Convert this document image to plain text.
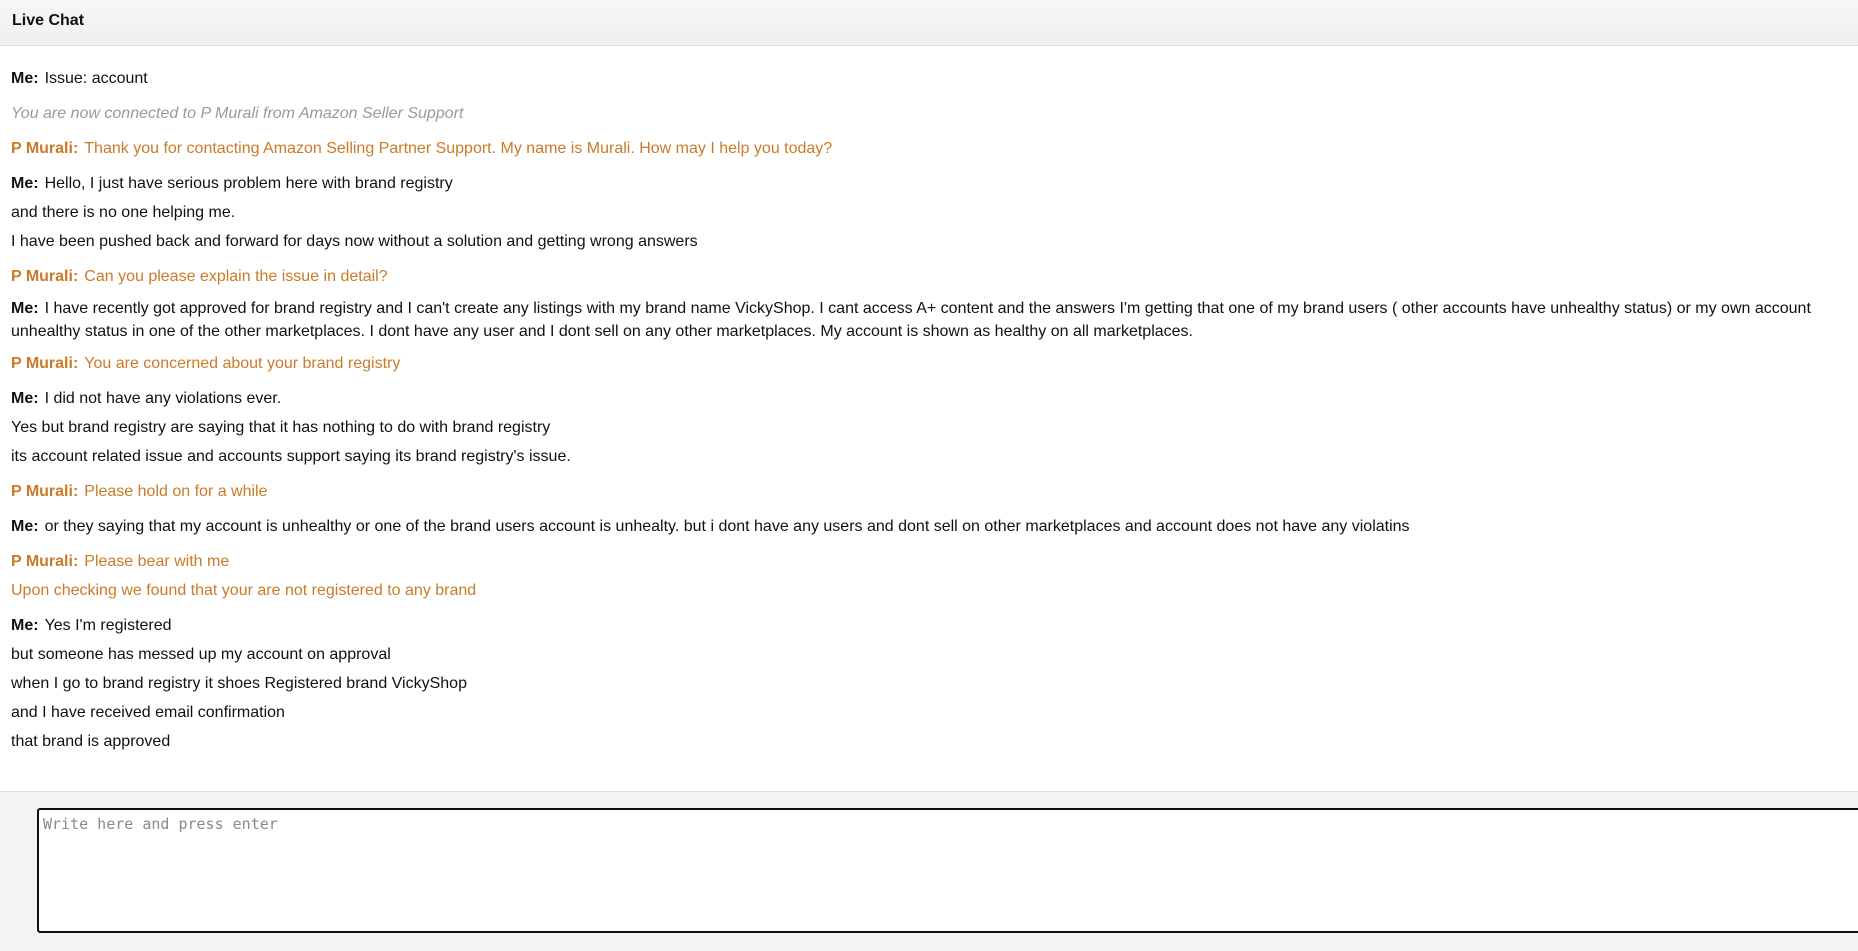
Live Chat
Me: Issue: account
You are now connected to P Murali from Amazon Seller Support
P Murali: Thank you for contacting Amazon Selling Partner Support. My name is Murali. How may I help you today?
Me: Hello, I just have serious problem here with brand registry
and there is no one helping me.
I have been pushed back and forward for days now without a solution and getting wrong answers
P Murali: Can you please explain the issue in detail?
Me: I have recently got approved for brand registry and I can't create any listings with my brand name VickyShop. I cant access A+ content and the answers I'm getting that one of my brand users ( other accounts have unhealthy status) or my own account
unhealthy status in one of the other marketplaces. I dont have any user and I dont sell on any other marketplaces. My account is shown as healthy on all marketplaces.
P Murali: You are concerned about your brand registry
Me: I did not have any violations ever.
Yes but brand registry are saying that it has nothing to do with brand registry
its account related issue and accounts support saying its brand registry's issue.
P Murali: Please hold on for a while
Me: or they saying that my account is unhealthy or one of the brand users account is unhealty. but i dont have any users and dont sell on other marketplaces and account does not have any violatins
P Murali: Please bear with me
Upon checking we found that your are not registered to any brand
Me: Yes I'm registered
but someone has messed up my account on approval
when I go to brand registry it shoes Registered brand VickyShop
and I have received email confirmation
that brand is approved
Write here and press enter
